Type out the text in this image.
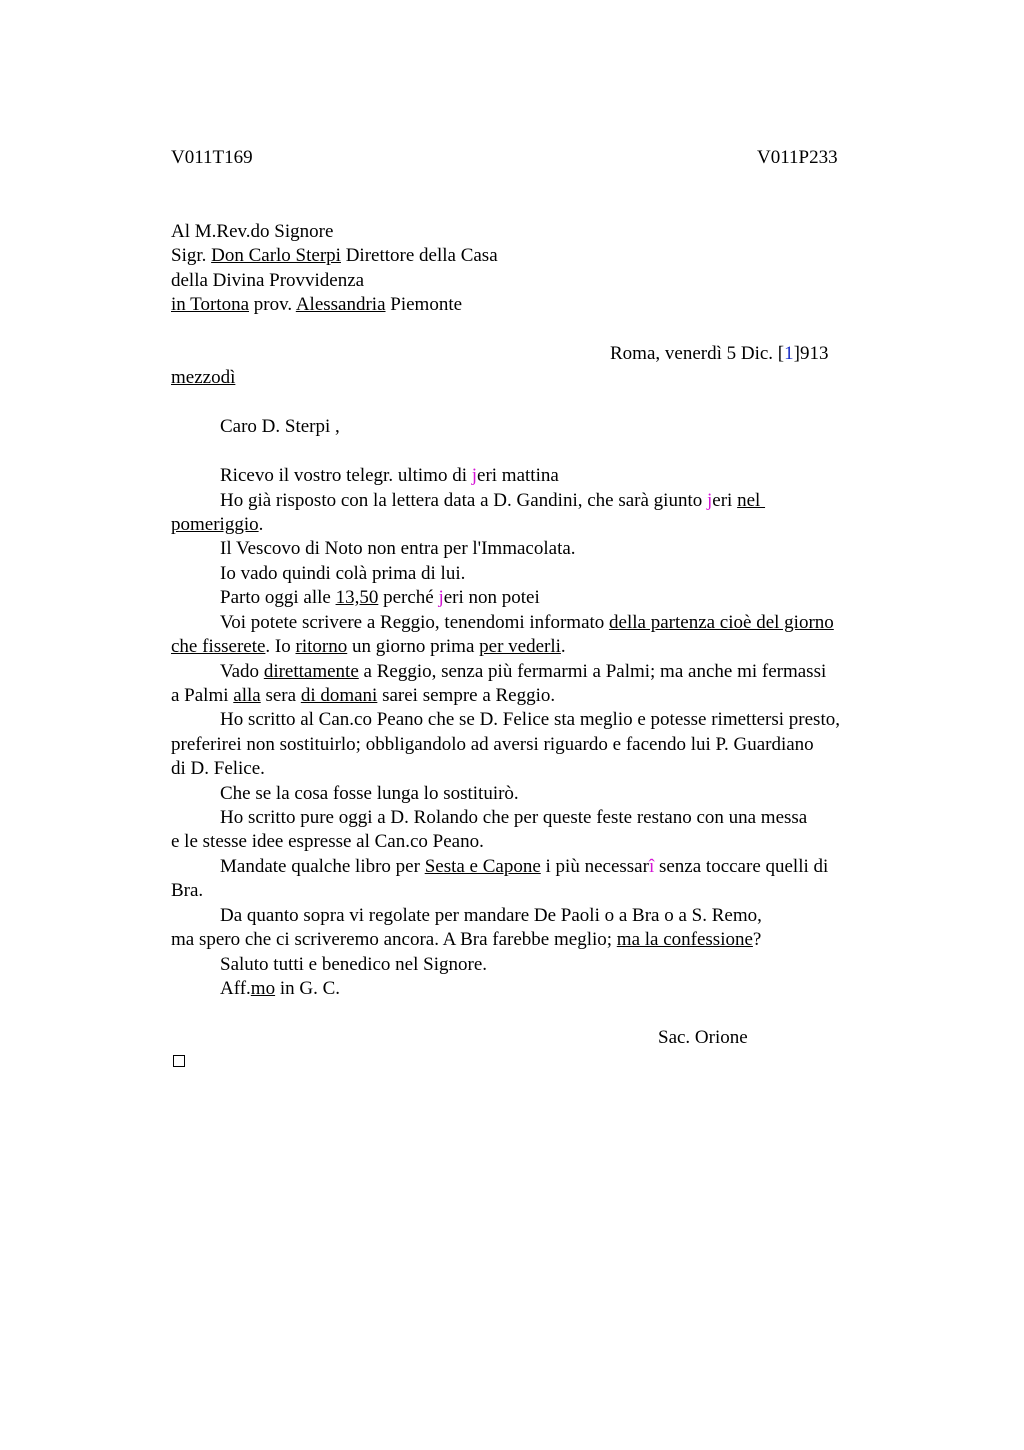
V011T169	V011P233
Al M.Rev.do Signore
Sigr. Don Carlo Sterpi Direttore della Casa
della Divina Provvidenza
in Tortona prov. Alessandria Piemonte
Roma, venerdì 5 Dic. [1]913
mezzodì
Caro D. Sterpi ,
Ricevo il vostro telegr. ultimo di jeri mattina
Ho già risposto con la lettera data a D. Gandini, che sarà giunto jeri nel
pomeriggio.
Il Vescovo di Noto non entra per l'Immacolata.
Io vado quindi colà prima di lui.
Parto oggi alle 13,50 perché jeri non potei
Voi potete scrivere a Reggio, tenendomi informato della partenza cioè del giorno
che fisserete. Io ritorno un giorno prima per vederli.
Vado direttamente a Reggio, senza più fermarmi a Palmi; ma anche mi fermassi
a Palmi alla sera di domani sarei sempre a Reggio.
Ho scritto al Can.co Peano che se D. Felice sta meglio e potesse rimettersi presto,
preferirei non sostituirlo; obbligandolo ad aversi riguardo e facendo lui P. Guardiano
di D. Felice.
Che se la cosa fosse lunga lo sostituirò.
Ho scritto pure oggi a D. Rolando che per queste feste restano con una messa
e le stesse idee espresse al Can.co Peano.
Mandate qualche libro per Sesta e Capone i più necessarî senza toccare quelli di
Bra.
Da quanto sopra vi regolate per mandare De Paoli o a Bra o a S. Remo,
ma spero che ci scriveremo ancora. A Bra farebbe meglio; ma la confessione?
Saluto tutti e benedico nel Signore.
Aff.mo in G. C.
Sac. Orione
